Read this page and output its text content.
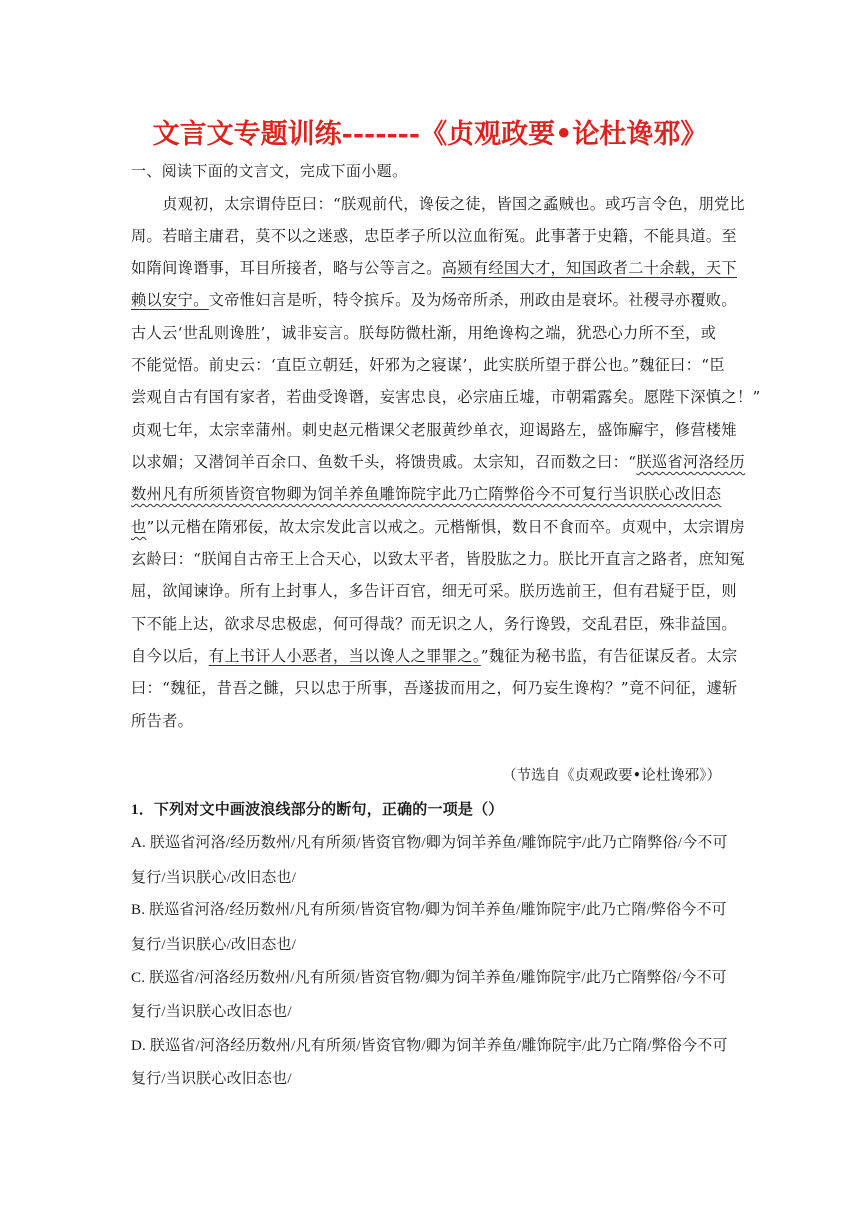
文言文专题训练-------《贞观政要•论杜谗邪》
一、阅读下面的文言文，完成下面小题。
　　贞观初，太宗谓侍臣曰：“朕观前代，谗佞之徒，皆国之蟊贼也。或巧言令色，朋党比
周。若暗主庸君，莫不以之迷惑，忠臣孝子所以泣血衔冤。此事著于史籍，不能具道。至
如隋间谗谮事，耳目所接者，略与公等言之。高颎有经国大才，知国政者二十余载，天下
赖以安宁。文帝惟妇言是听，特令摈斥。及为炀帝所杀，刑政由是衰坏。社稷寻亦覆败。
古人云‘世乱则谗胜’，诚非妄言。朕每防微杜渐，用绝谗构之端，犹恐心力所不至，或
不能觉悟。前史云：‘直臣立朝廷，奸邪为之寝谋’，此实朕所望于群公也。”魏征曰：“臣
尝观自古有国有家者，若曲受谗谮，妄害忠良，必宗庙丘墟，市朝霜露矣。愿陛下深慎之！”
贞观七年，太宗幸蒲州。刺史赵元楷课父老服黄纱单衣，迎谒路左，盛饰廨宇，修营楼雉
以求媚；又潜饲羊百余口、鱼数千头，将馈贵戚。太宗知，召而数之曰：“朕巡省河洛经历
数州凡有所须皆资官物卿为饲羊养鱼雕饰院宇此乃亡隋弊俗今不可复行当识朕心改旧态
也”以元楷在隋邪佞，故太宗发此言以戒之。元楷惭惧，数日不食而卒。贞观中，太宗谓房
玄龄曰：“朕闻自古帝王上合天心，以致太平者，皆股肱之力。朕比开直言之路者，庶知冤
屈，欲闻谏诤。所有上封事人，多告讦百官，细无可采。朕历选前王，但有君疑于臣，则
下不能上达，欲求尽忠极虑，何可得哉？而无识之人，务行谗毁，交乱君臣，殊非益国。
自今以后，有上书讦人小恶者，当以谗人之罪罪之。”魏征为秘书监，有告征谋反者。太宗
曰：“魏征，昔吾之雠，只以忠于所事，吾遂拔而用之，何乃妄生谗构？”竟不问征，遽斩
所告者。
（节选自《贞观政要•论杜谗邪》）
1．下列对文中画波浪线部分的断句，正确的一项是（）
A. 朕巡省河洛/经历数州/凡有所须/皆资官物/卿为饲羊养鱼/雕饰院宇/此乃亡隋弊俗/今不可
复行/当识朕心/改旧态也/
B. 朕巡省河洛/经历数州/凡有所须/皆资官物/卿为饲羊养鱼/雕饰院宇/此乃亡隋/弊俗今不可
复行/当识朕心/改旧态也/
C. 朕巡省/河洛经历数州/凡有所须/皆资官物/卿为饲羊养鱼/雕饰院宇/此乃亡隋弊俗/今不可
复行/当识朕心改旧态也/
D. 朕巡省/河洛经历数州/凡有所须/皆资官物/卿为饲羊养鱼/雕饰院宇/此乃亡隋/弊俗今不可
复行/当识朕心改旧态也/
